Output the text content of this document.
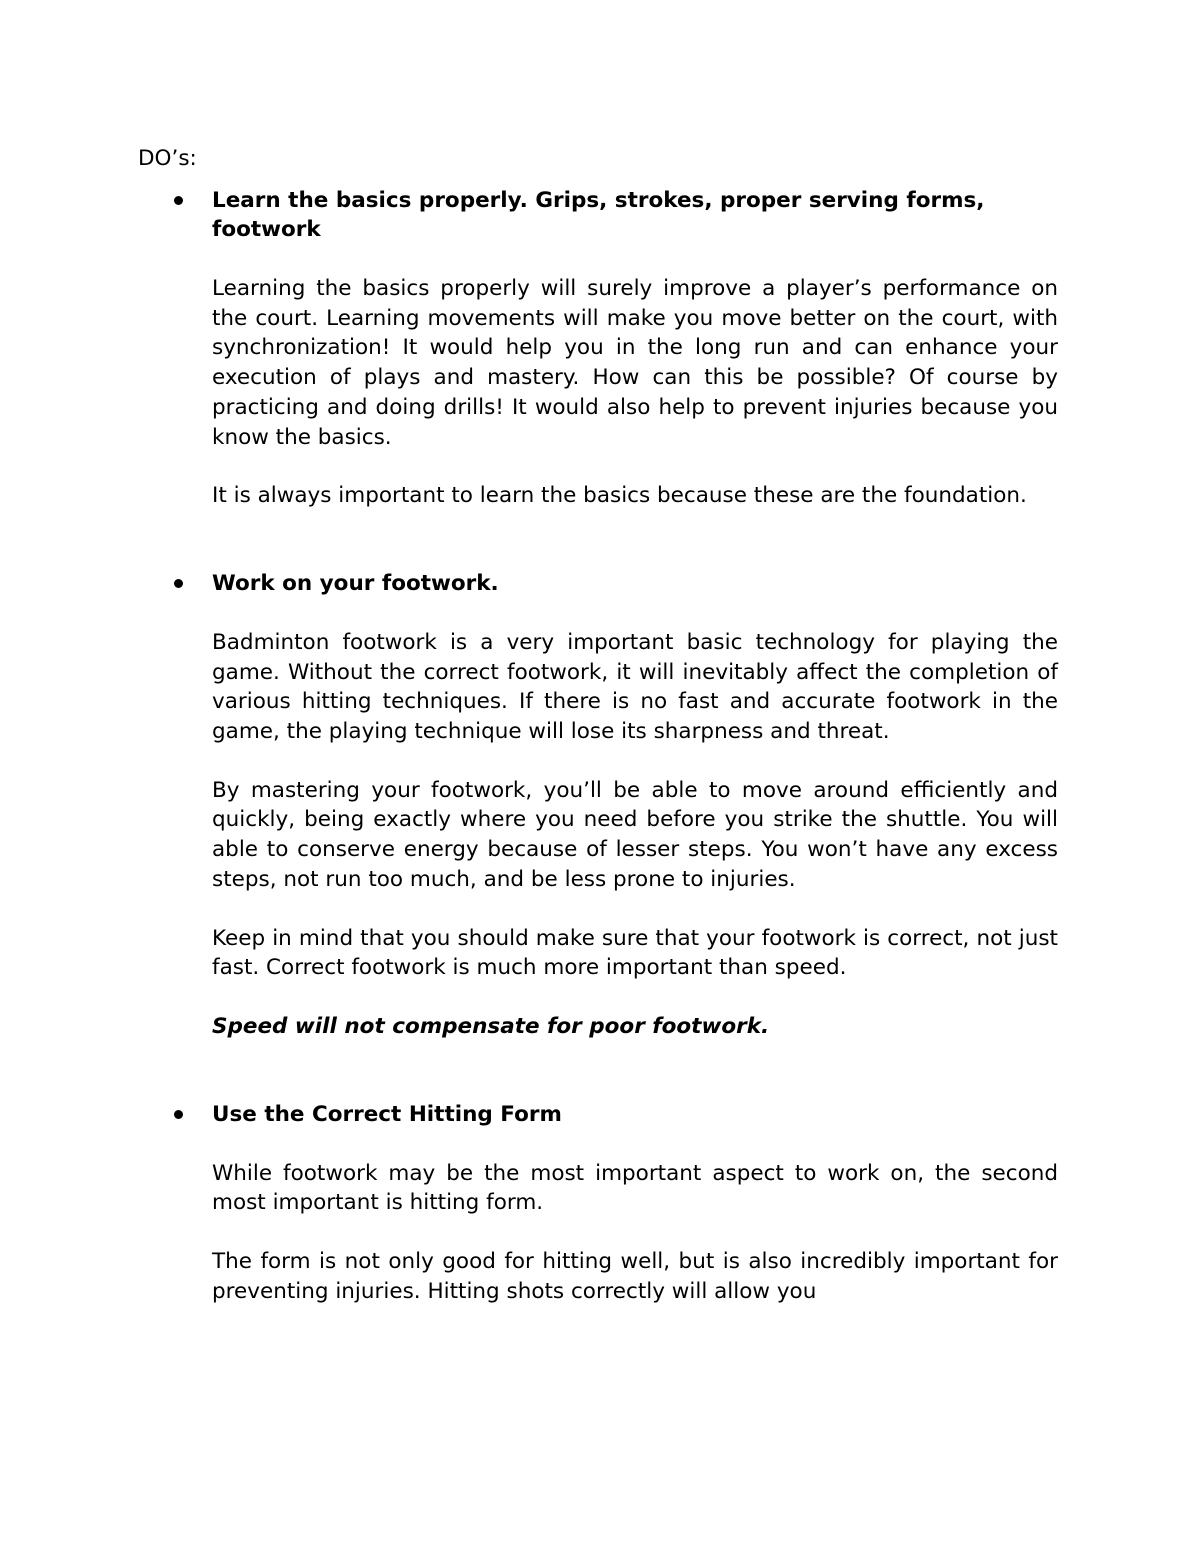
DO’s:

Learn the basics properly. Grips, strokes, proper serving forms, footwork

Learning the basics properly will surely improve a player’s performance on the court. Learning movements will make you move better on the court, with synchronization! It would help you in the long run and can enhance your execution of plays and mastery. How can this be possible? Of course by practicing and doing drills! It would also help to prevent injuries because you know the basics.

It is always important to learn the basics because these are the foundation.

Work on your footwork.

Badminton footwork is a very important basic technology for playing the game. Without the correct footwork, it will inevitably affect the completion of various hitting techniques. If there is no fast and accurate footwork in the game, the playing technique will lose its sharpness and threat.

By mastering your footwork, you’ll be able to move around efficiently and quickly, being exactly where you need before you strike the shuttle. You will able to conserve energy because of lesser steps. You won’t have any excess steps, not run too much, and be less prone to injuries.

Keep in mind that you should make sure that your footwork is correct, not just fast. Correct footwork is much more important than speed.

Speed will not compensate for poor footwork.

Use the Correct Hitting Form

While footwork may be the most important aspect to work on, the second most important is hitting form.

The form is not only good for hitting well, but is also incredibly important for preventing injuries. Hitting shots correctly will allow you
